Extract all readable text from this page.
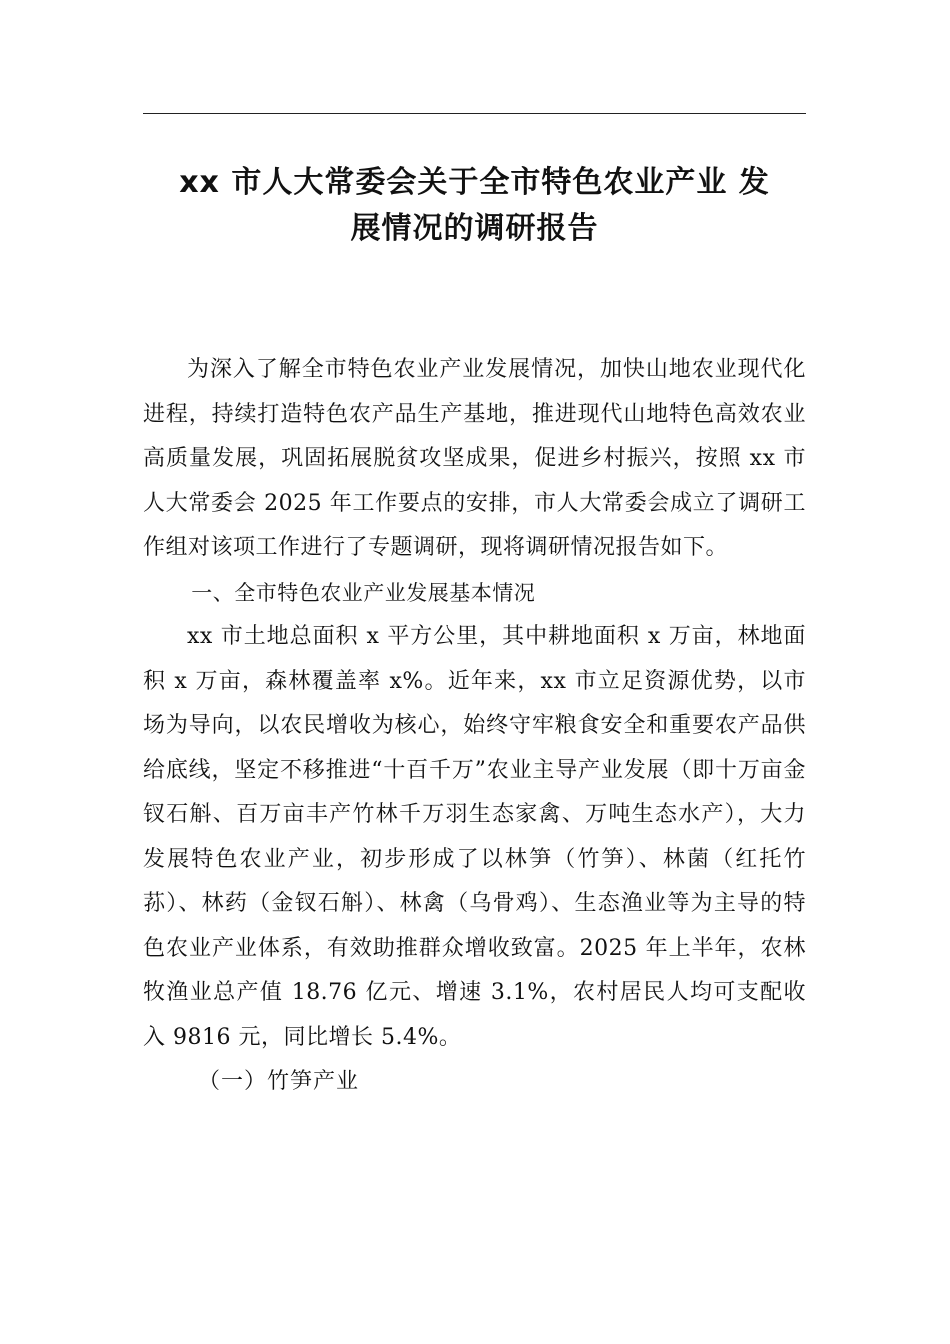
xx 市人大常委会关于全市特色农业产业 发
展情况的调研报告

为深入了解全市特色农业产业发展情况，加快山地农业现代化进程，持续打造特色农产品生产基地，推进现代山地特色高效农业高质量发展，巩固拓展脱贫攻坚成果，促进乡村振兴，按照 xx 市人大常委会 2025 年工作要点的安排，市人大常委会成立了调研工作组对该项工作进行了专题调研，现将调研情况报告如下。

一、全市特色农业产业发展基本情况

xx 市土地总面积 x 平方公里，其中耕地面积 x 万亩，林地面积 x 万亩，森林覆盖率 x%。近年来，xx 市立足资源优势，以市场为导向，以农民增收为核心，始终守牢粮食安全和重要农产品供给底线，坚定不移推进“十百千万”农业主导产业发展（即十万亩金钗石斛、百万亩丰产竹林千万羽生态家禽、万吨生态水产），大力发展特色农业产业，初步形成了以林笋（竹笋）、林菌（红托竹荪）、林药（金钗石斛）、林禽（乌骨鸡）、生态渔业等为主导的特色农业产业体系，有效助推群众增收致富。2025 年上半年，农林牧渔业总产值 18.76 亿元、增速 3.1%，农村居民人均可支配收入 9816 元，同比增长 5.4%。

（一）竹笋产业
